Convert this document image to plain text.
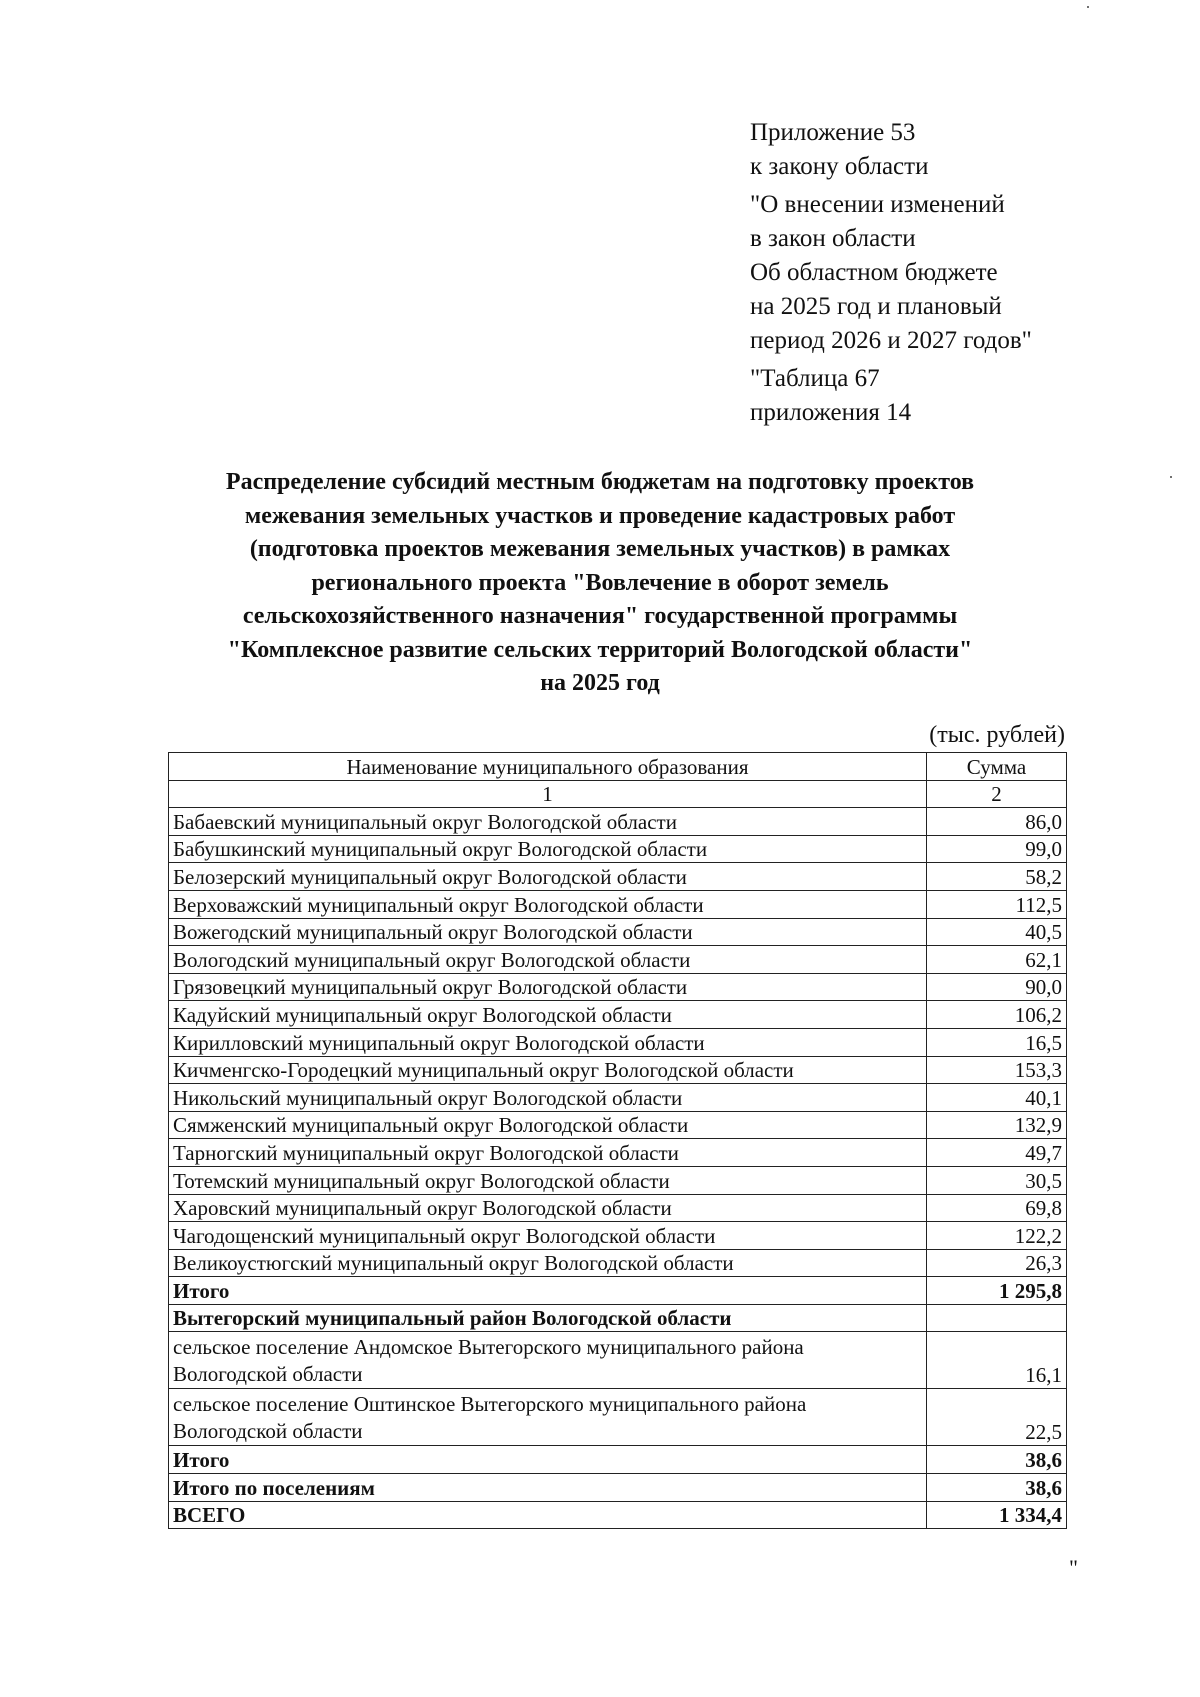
Приложение 53
к закону области
"О внесении изменений
в закон области
Об областном бюджете
на 2025 год и плановый
период 2026 и 2027 годов"
"Таблица 67
приложения 14
Распределение субсидий местным бюджетам на подготовку проектов
межевания земельных участков и проведение кадастровых работ
(подготовка проектов межевания земельных участков) в рамках
регионального проекта "Вовлечение в оборот земель
сельскохозяйственного назначения" государственной программы
"Комплексное развитие сельских территорий Вологодской области"
на 2025 год
(тыс. рублей)
Наименование муниципального образования	Сумма
1	2
Бабаевский муниципальный округ Вологодской области	86,0
Бабушкинский муниципальный округ Вологодской области	99,0
Белозерский муниципальный округ Вологодской области	58,2
Верховажский муниципальный округ Вологодской области	112,5
Вожегодский муниципальный округ Вологодской области	40,5
Вологодский муниципальный округ Вологодской области	62,1
Грязовецкий муниципальный округ Вологодской области	90,0
Кадуйский муниципальный округ Вологодской области	106,2
Кирилловский муниципальный округ Вологодской области	16,5
Кичменгско-Городецкий муниципальный округ Вологодской области	153,3
Никольский муниципальный округ Вологодской области	40,1
Сямженский муниципальный округ Вологодской области	132,9
Тарногский муниципальный округ Вологодской области	49,7
Тотемский муниципальный округ Вологодской области	30,5
Харовский муниципальный округ Вологодской области	69,8
Чагодощенский муниципальный округ Вологодской области	122,2
Великоустюгский муниципальный округ Вологодской области	26,3
Итого	1 295,8
Вытегорский муниципальный район Вологодской области	
сельское поселение Андомское Вытегорского муниципального района Вологодской области	16,1
сельское поселение Оштинское Вытегорского муниципального района Вологодской области	22,5
Итого	38,6
Итого по поселениям	38,6
ВСЕГО	1 334,4
"
